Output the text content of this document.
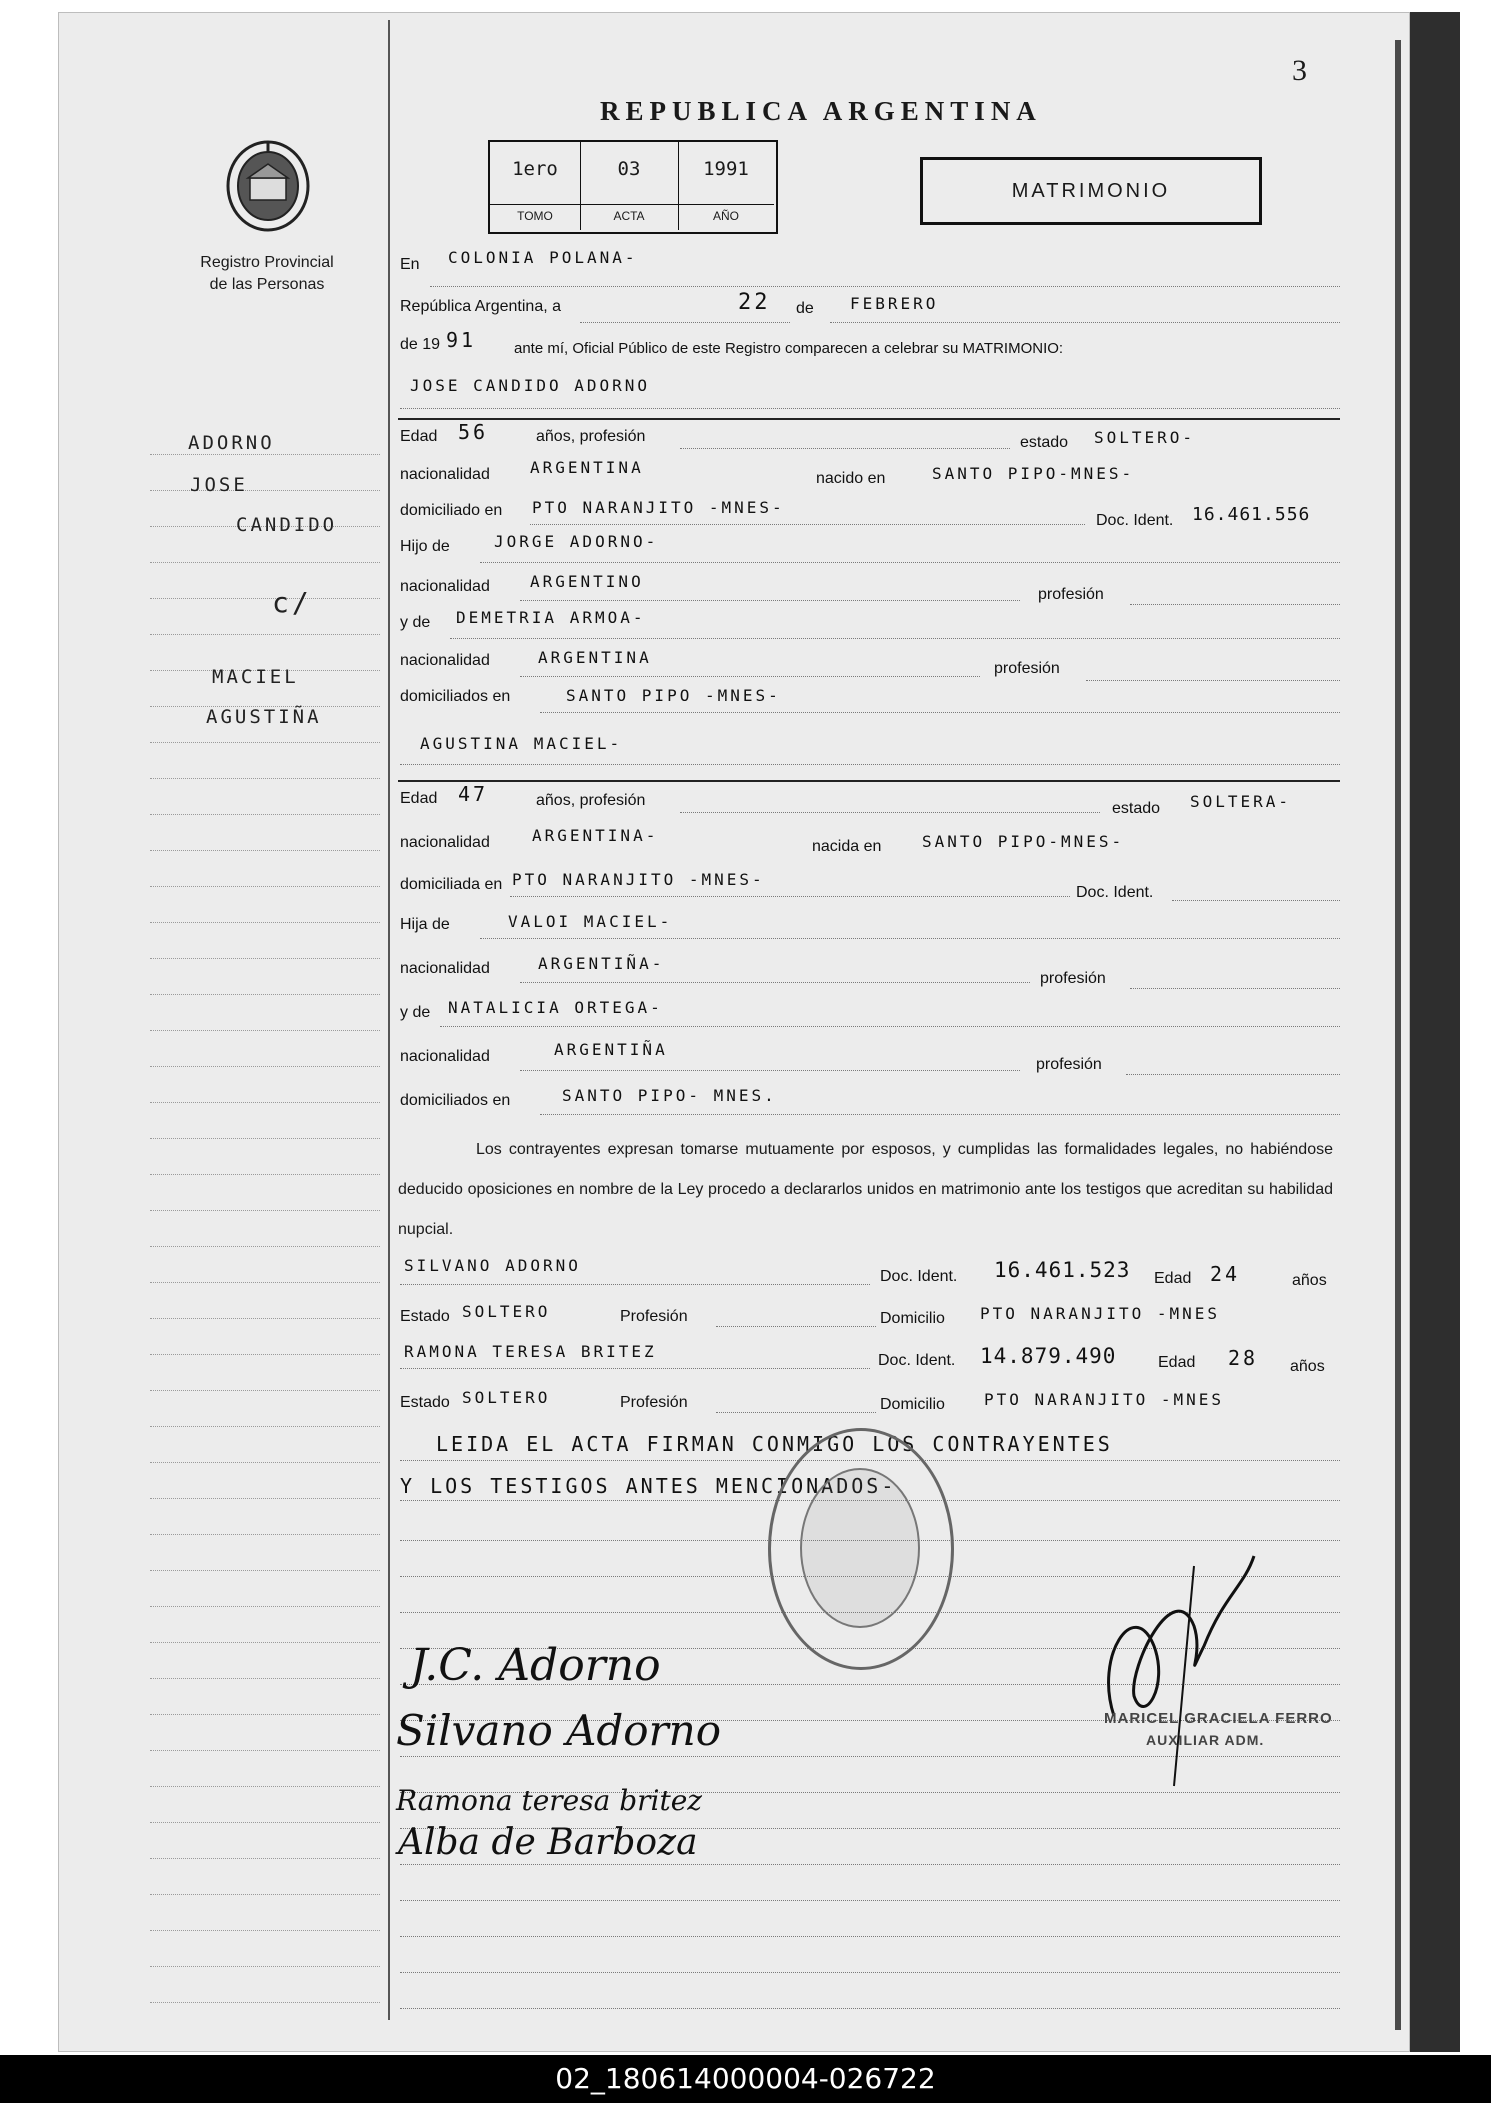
3
Registro Provincial
de las Personas
REPUBLICA ARGENTINA
MATRIMONIO
1ero
TOMO
03
ACTA
1991
AÑO
ADORNO
JOSE
CANDIDO
c/
MACIEL
AGUSTIÑA
En COLONIA POLANA-
República Argentina, a	22 de FEBRERO
de 19 91	ante mí, Oficial Público de este Registro comparecen a celebrar su MATRIMONIO:
JOSE CANDIDO ADORNO
Edad 56	años, profesión	estado SOLTERO-
nacionalidad	ARGENTINA
nacido en	SANTO PIPO-MNES-
domiciliado en PTO NARANJITO -MNES-
Doc. Ident. 16.461.556
Hijo de	JORGE ADORNO-
nacionalidad	ARGENTINO
profesión
y de DEMETRIA ARMOA-
nacionalidad	ARGENTINA
profesión
domiciliados en	SANTO PIPO -MNES-
AGUSTINA MACIEL-
Edad 47	años, profesión	estado SOLTERA-
nacionalidad	ARGENTINA-
nacida en	SANTO PIPO-MNES-
domiciliada en PTO NARANJITO -MNES-
Doc. Ident.
Hija de	VALOI MACIEL-
nacionalidad	ARGENTIÑA-
profesión
y de NATALICIA ORTEGA-
nacionalidad	ARGENTIÑA
profesión
domiciliados en	SANTO PIPO- MNES.
Los contrayentes expresan tomarse mutuamente por esposos, y cumplidas las formalidades legales, no habiéndose deducido oposiciones en nombre de la Ley procedo a declararlos unidos en matrimonio ante los testigos que acreditan su habilidad nupcial.
SILVANO ADORNO
Doc. Ident. 16.461.523 Edad 24	años
Estado SOLTERO	Profesión	Domicilio PTO NARANJITO -MNES
RAMONA TERESA BRITEZ	Doc. Ident. 14.879.490	Edad 28 años
Estado SOLTERO	Profesión	Domicilio PTO NARANJITO -MNES
LEIDA EL ACTA FIRMAN CONMIGO LOS CONTRAYENTES
Y LOS TESTIGOS ANTES MENCIONADOS-
J.C. Adorno
Silvano Adorno
Ramona teresa britez
Alba de Barboza
MARICEL GRACIELA FERRO
AUXILIAR ADM.
02_180614000004-026722
